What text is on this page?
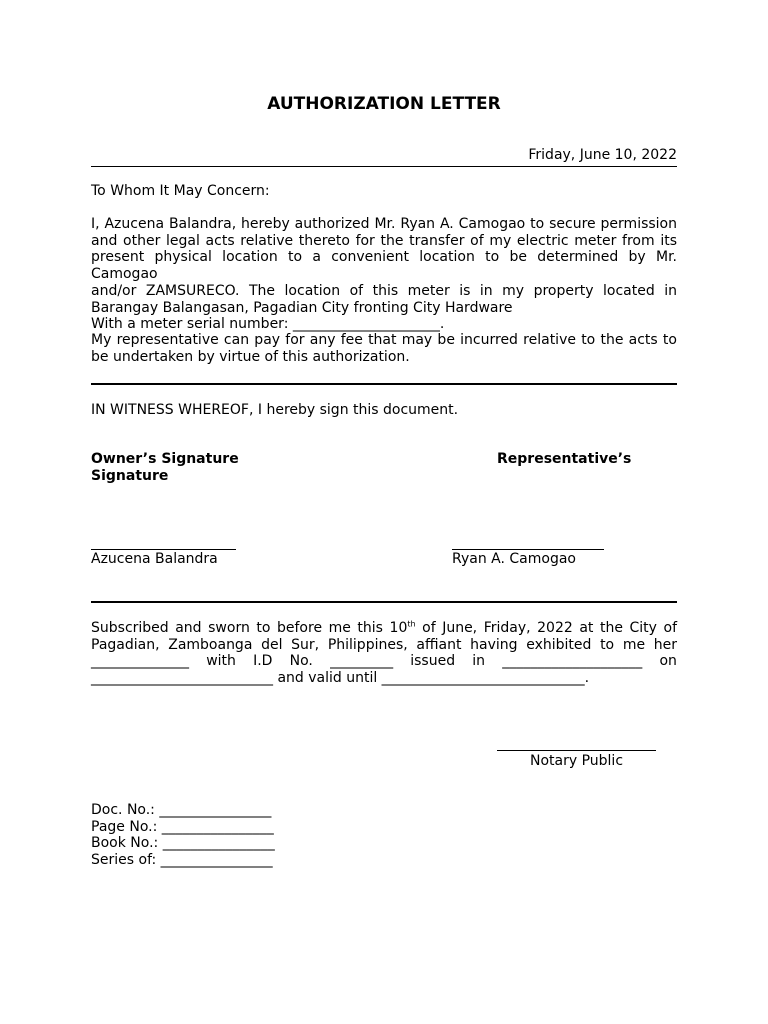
AUTHORIZATION LETTER
Friday, June 10, 2022
To Whom It May Concern:
I, Azucena Balandra, hereby authorized Mr. Ryan A. Camogao to secure permission
and other legal acts relative thereto for the transfer of my electric meter from its
present physical location to a convenient location to be determined by Mr. Camogao
and/or ZAMSURECO. The location of this meter is in my property located in
Barangay Balangasan, Pagadian City fronting City Hardware
With a meter serial number: _____________________.
My representative can pay for any fee that may be incurred relative to the acts to
be undertaken by virtue of this authorization.
IN WITNESS WHEREOF, I hereby sign this document.
Owner’s Signature	Representative’s
Signature
Azucena Balandra	Ryan A. Camogao
Subscribed and sworn to before me this 10th of June, Friday, 2022 at the City of
Pagadian, Zamboanga del Sur, Philippines, affiant having exhibited to me her
______________ with I.D No. _________ issued in ____________________ on
__________________________ and valid until _____________________________.
Notary Public
Doc. No.: ________________
Page No.: ________________
Book No.: ________________
Series of: ________________
